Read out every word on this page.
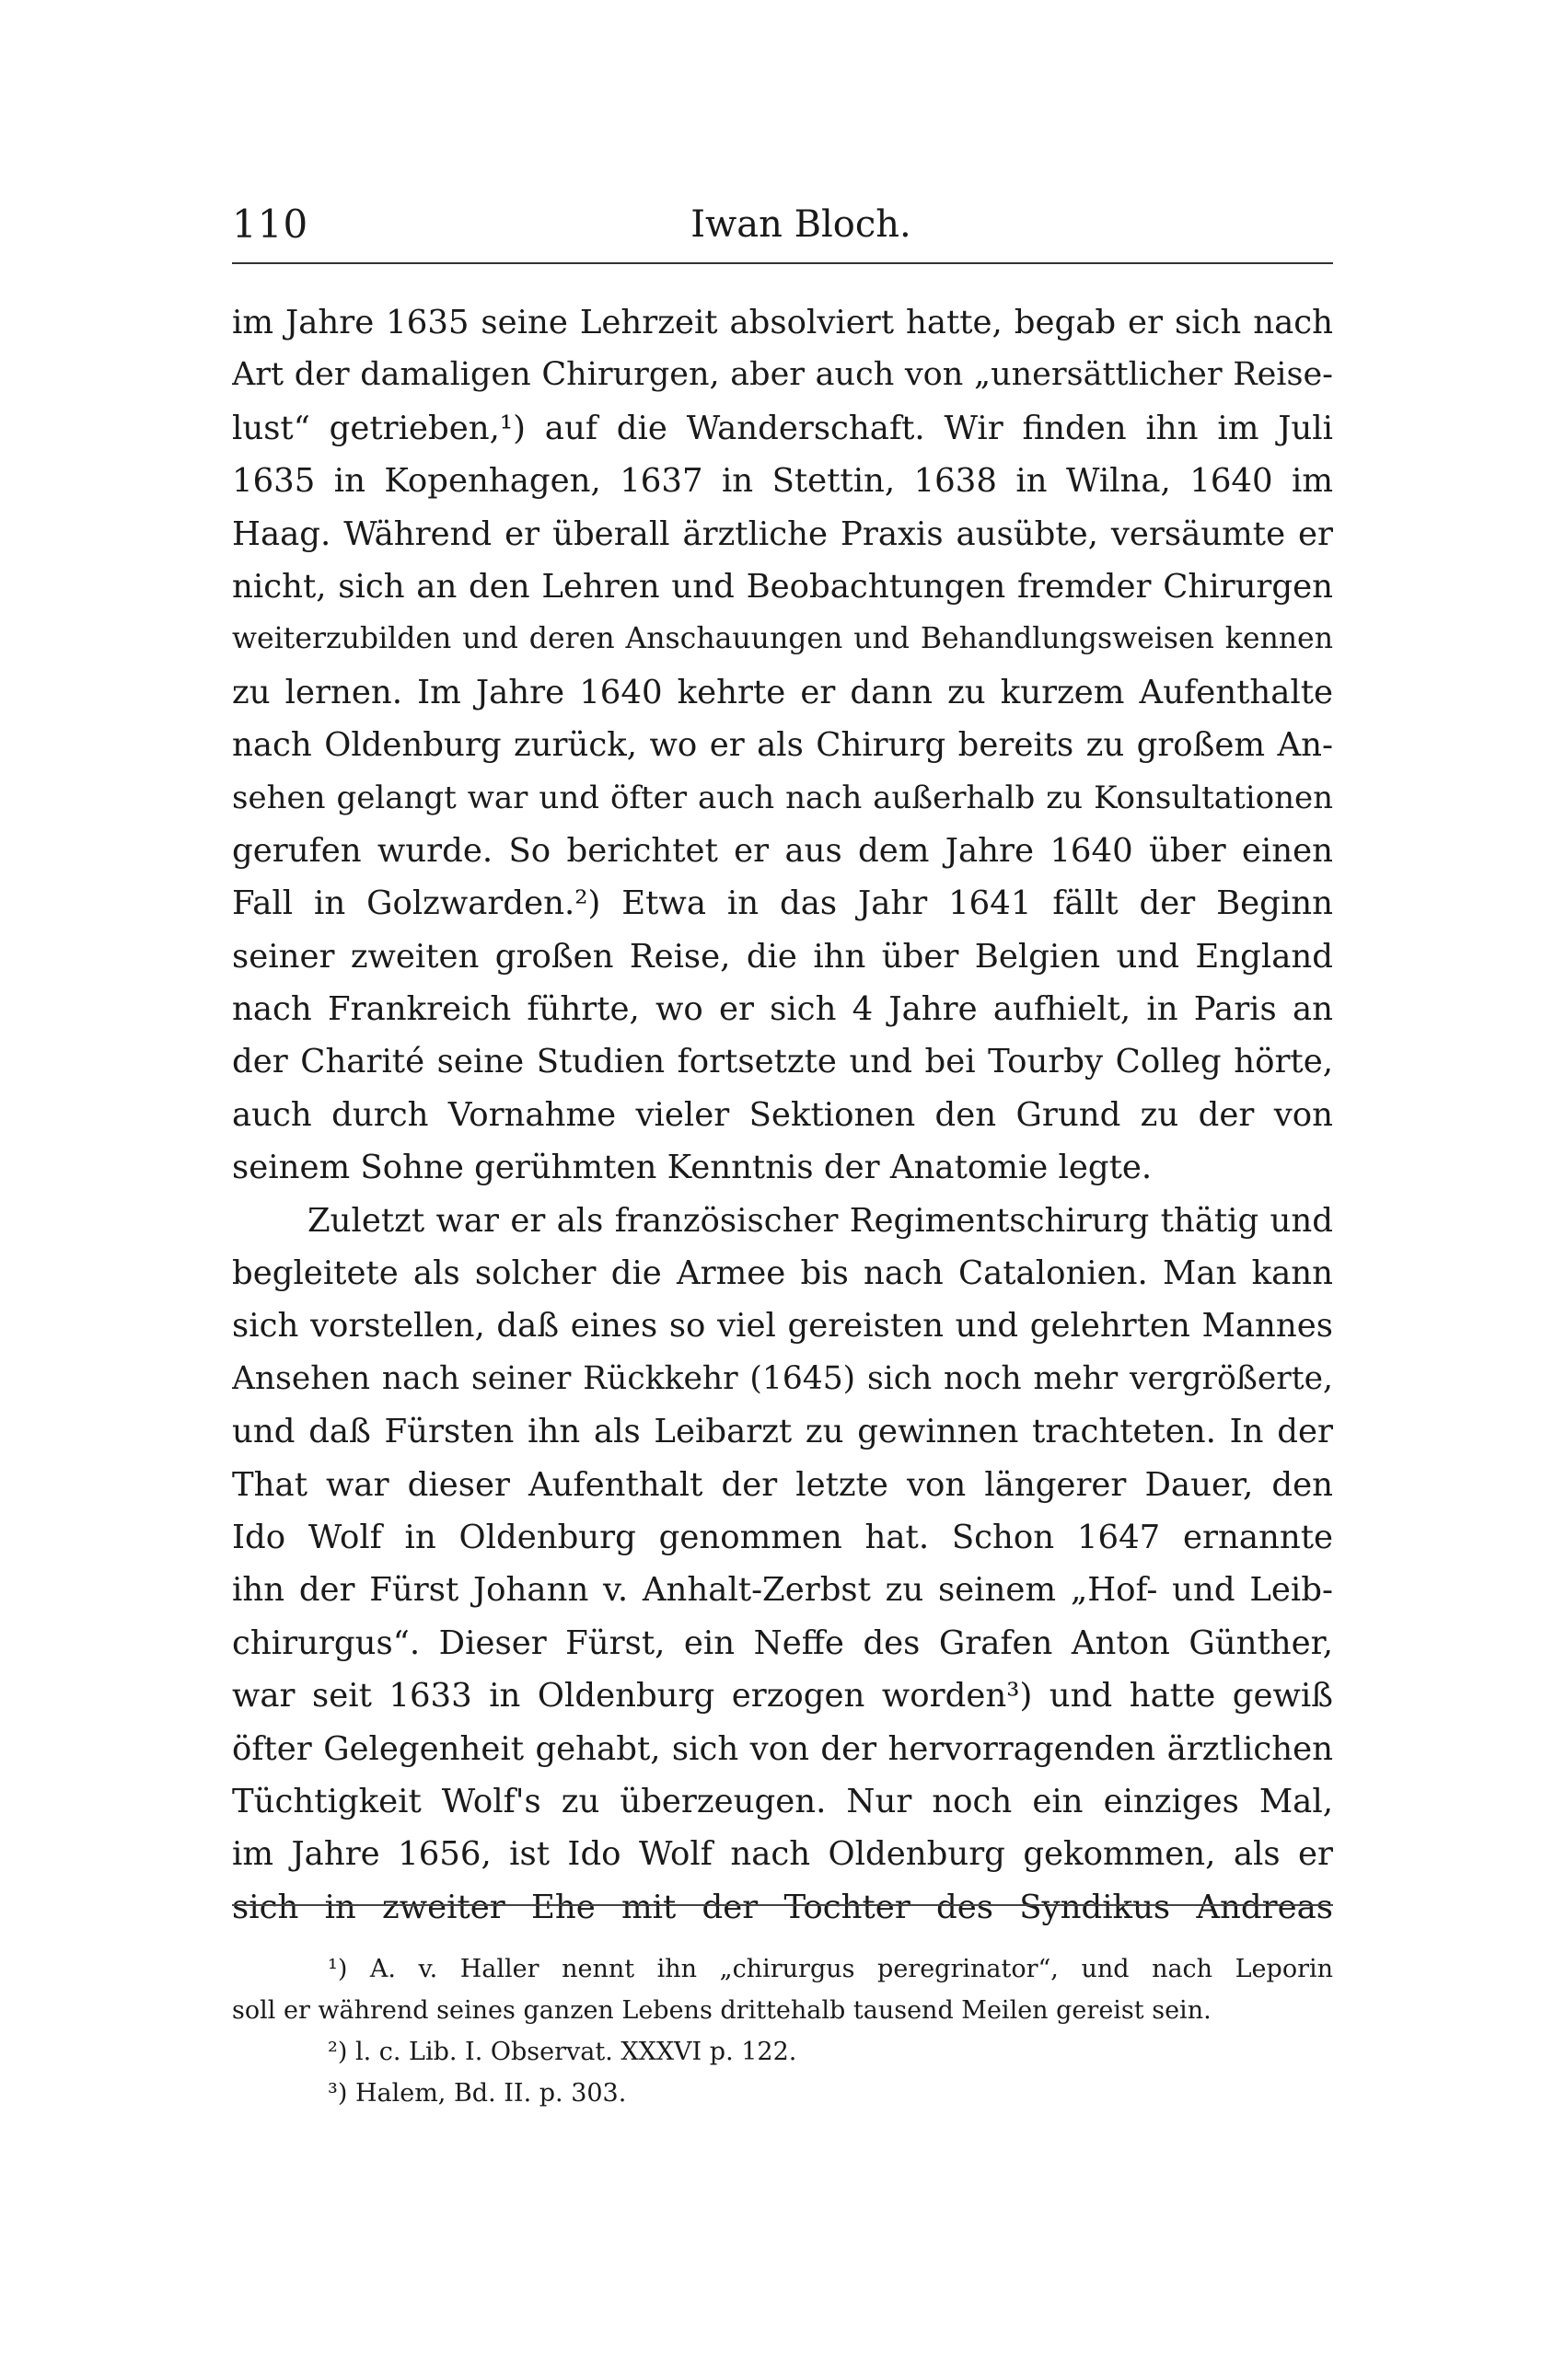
110	Iwan Bloch.
im Jahre 1635 seine Lehrzeit absolviert hatte, begab er sich nach
Art der damaligen Chirurgen, aber auch von „unersättlicher Reise-
lust“ getrieben,¹) auf die Wanderschaft. Wir finden ihn im Juli
1635 in Kopenhagen, 1637 in Stettin, 1638 in Wilna, 1640 im
Haag. Während er überall ärztliche Praxis ausübte, versäumte er
nicht, sich an den Lehren und Beobachtungen fremder Chirurgen
weiterzubilden und deren Anschauungen und Behandlungsweisen kennen
zu lernen. Im Jahre 1640 kehrte er dann zu kurzem Aufenthalte
nach Oldenburg zurück, wo er als Chirurg bereits zu großem An-
sehen gelangt war und öfter auch nach außerhalb zu Konsultationen
gerufen wurde. So berichtet er aus dem Jahre 1640 über einen
Fall in Golzwarden.²) Etwa in das Jahr 1641 fällt der Beginn
seiner zweiten großen Reise, die ihn über Belgien und England
nach Frankreich führte, wo er sich 4 Jahre aufhielt, in Paris an
der Charité seine Studien fortsetzte und bei Tourby Colleg hörte,
auch durch Vornahme vieler Sektionen den Grund zu der von
seinem Sohne gerühmten Kenntnis der Anatomie legte.
Zuletzt war er als französischer Regimentschirurg thätig und
begleitete als solcher die Armee bis nach Catalonien. Man kann
sich vorstellen, daß eines so viel gereisten und gelehrten Mannes
Ansehen nach seiner Rückkehr (1645) sich noch mehr vergrößerte,
und daß Fürsten ihn als Leibarzt zu gewinnen trachteten. In der
That war dieser Aufenthalt der letzte von längerer Dauer, den
Ido Wolf in Oldenburg genommen hat. Schon 1647 ernannte
ihn der Fürst Johann v. Anhalt-Zerbst zu seinem „Hof- und Leib-
chirurgus“. Dieser Fürst, ein Neffe des Grafen Anton Günther,
war seit 1633 in Oldenburg erzogen worden³) und hatte gewiß
öfter Gelegenheit gehabt, sich von der hervorragenden ärztlichen
Tüchtigkeit Wolf's zu überzeugen. Nur noch ein einziges Mal,
im Jahre 1656, ist Ido Wolf nach Oldenburg gekommen, als er
sich in zweiter Ehe mit der Tochter des Syndikus Andreas
¹) A. v. Haller nennt ihn „chirurgus peregrinator“, und nach Leporin
soll er während seines ganzen Lebens drittehalb tausend Meilen gereist sein.
²) l. c. Lib. I. Observat. XXXVI p. 122.
³) Halem, Bd. II. p. 303.
